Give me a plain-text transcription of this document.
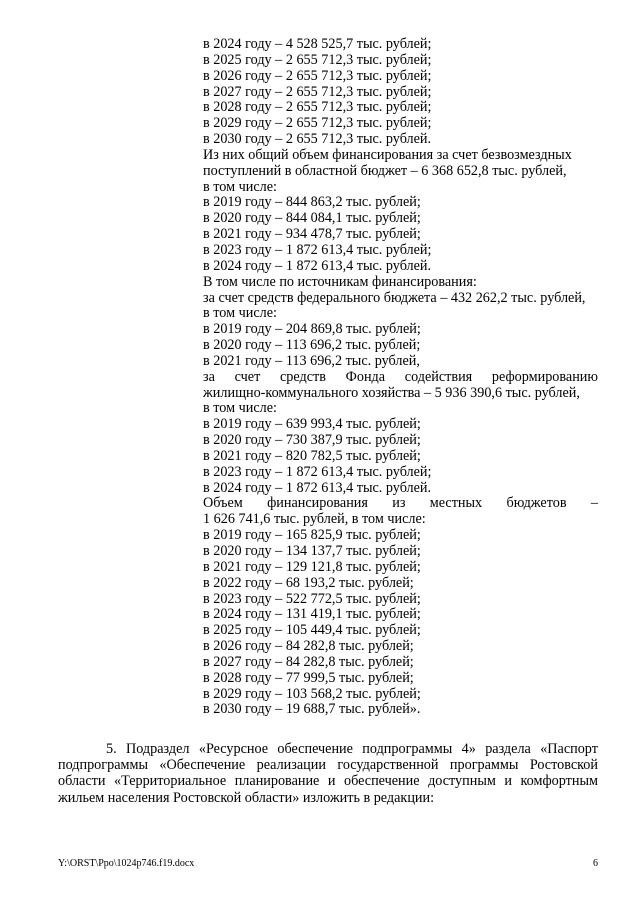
в 2024 году – 4 528 525,7 тыс. рублей;
в 2025 году – 2 655 712,3 тыс. рублей;
в 2026 году – 2 655 712,3 тыс. рублей;
в 2027 году – 2 655 712,3 тыс. рублей;
в 2028 году – 2 655 712,3 тыс. рублей;
в 2029 году – 2 655 712,3 тыс. рублей;
в 2030 году – 2 655 712,3 тыс. рублей.
Из них общий объем финансирования за счет безвозмездных
поступлений в областной бюджет – 6 368 652,8 тыс. рублей,
в том числе:
в 2019 году – 844 863,2 тыс. рублей;
в 2020 году – 844 084,1 тыс. рублей;
в 2021 году – 934 478,7 тыс. рублей;
в 2023 году – 1 872 613,4 тыс. рублей;
в 2024 году – 1 872 613,4 тыс. рублей.
В том числе по источникам финансирования:
за счет средств федерального бюджета – 432 262,2 тыс. рублей,
в том числе:
в 2019 году – 204 869,8 тыс. рублей;
в 2020 году – 113 696,2 тыс. рублей;
в 2021 году – 113 696,2 тыс. рублей,
за счет средств Фонда содействия реформированию
жилищно-коммунального хозяйства – 5 936 390,6 тыс. рублей,
в том числе:
в 2019 году – 639 993,4 тыс. рублей;
в 2020 году – 730 387,9 тыс. рублей;
в 2021 году – 820 782,5 тыс. рублей;
в 2023 году – 1 872 613,4 тыс. рублей;
в 2024 году – 1 872 613,4 тыс. рублей.
Объем финансирования из местных бюджетов –
1 626 741,6 тыс. рублей, в том числе:
в 2019 году – 165 825,9 тыс. рублей;
в 2020 году – 134 137,7 тыс. рублей;
в 2021 году – 129 121,8 тыс. рублей;
в 2022 году – 68 193,2 тыс. рублей;
в 2023 году – 522 772,5 тыс. рублей;
в 2024 году – 131 419,1 тыс. рублей;
в 2025 году – 105 449,4 тыс. рублей;
в 2026 году – 84 282,8 тыс. рублей;
в 2027 году – 84 282,8 тыс. рублей;
в 2028 году – 77 999,5 тыс. рублей;
в 2029 году – 103 568,2 тыс. рублей;
в 2030 году – 19 688,7 тыс. рублей».
5. Подраздел «Ресурсное обеспечение подпрограммы 4» раздела «Паспорт
подпрограммы «Обеспечение реализации государственной программы Ростовской
области «Территориальное планирование и обеспечение доступным и комфортным
жильем населения Ростовской области» изложить в редакции:
Y:\ORST\Ppo\1024p746.f19.docx	6
